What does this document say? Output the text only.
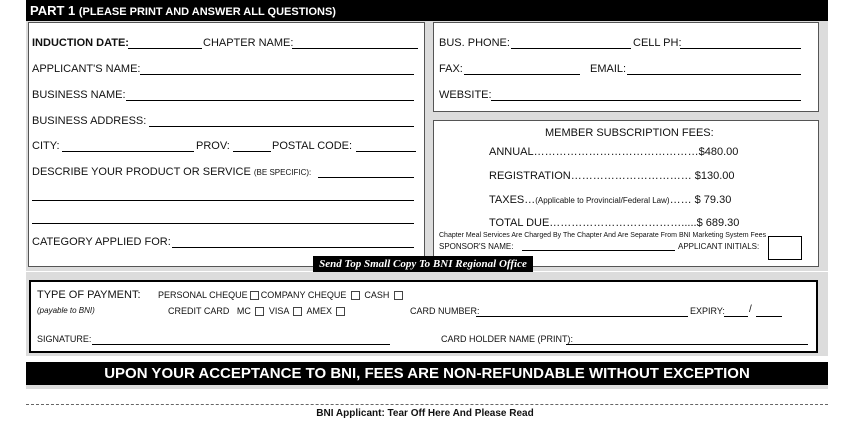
PART 1 (PLEASE PRINT AND ANSWER ALL QUESTIONS)
INDUCTION DATE:	CHAPTER NAME:
APPLICANT'S NAME:
BUSINESS NAME:
BUSINESS ADDRESS:
CITY:	PROV:	POSTAL CODE:
DESCRIBE YOUR PRODUCT OR SERVICE (BE SPECIFIC):
CATEGORY APPLIED FOR:
BUS. PHONE:	CELL PH:
FAX:	EMAIL:
WEBSITE:
MEMBER SUBSCRIPTION FEES:
ANNUAL………………………………………$480.00
REGISTRATION…………………………… $130.00
TAXES…(Applicable to Provincial/Federal Law)…… $ 79.30
TOTAL DUE……………………………….....$ 689.30
Chapter Meal Services Are Charged By The Chapter And Are Separate From BNI Marketing System Fees
SPONSOR'S NAME:	APPLICANT INITIALS:
Send Top Small Copy To BNI Regional Office
TYPE OF PAYMENT: PERSONAL CHEQUE COMPANY CHEQUE CASH
(payable to BNI)	CREDIT CARD MC VISA AMEX	CARD NUMBER:	EXPIRY: /
SIGNATURE:	CARD HOLDER NAME (PRINT):
UPON YOUR ACCEPTANCE TO BNI, FEES ARE NON-REFUNDABLE WITHOUT EXCEPTION
BNI Applicant: Tear Off Here And Please Read
